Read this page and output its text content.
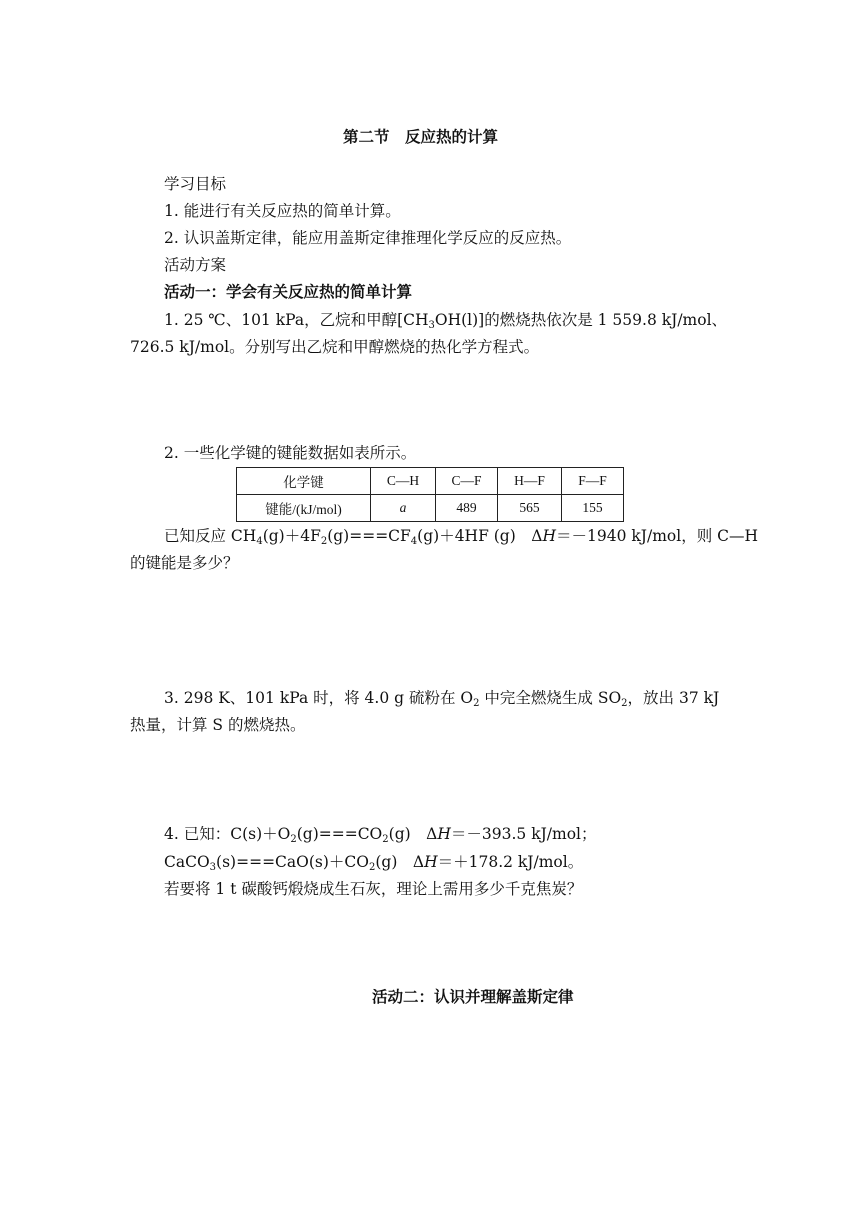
第二节　反应热的计算
学习目标
1. 能进行有关反应热的简单计算。
2. 认识盖斯定律，能应用盖斯定律推理化学反应的反应热。
活动方案
活动一：学会有关反应热的简单计算
1. 25 ℃、101 kPa，乙烷和甲醇$[CH_3OH(l)]$的燃烧热依次是 1 559.8 kJ/mol、
726.5 kJ/mol。分别写出乙烷和甲醇燃烧的热化学方程式。
2. 一些化学键的键能数据如表所示。
化学键	C—H	C—F	H—F	F—F
键能/(kJ/mol)	a	489	565	155
已知反应 $CH_4(g)+4F_2(g)===CF_4(g)+4HF$ (g)　ΔH＝－1940 kJ/mol，则 C—H
的键能是多少？
3. 298 K、101 kPa 时，将 4.0 g 硫粉在 $O_2$ 中完全燃烧生成 $SO_2$，放出 37 kJ
热量，计算 S 的燃烧热。
4. 已知：$C(s)+O_2(g)===CO_2(g)$　ΔH＝－393.5 kJ/mol；
$CaCO_3(s)===CaO(s)+CO_2(g)$　ΔH＝＋178.2 kJ/mol。
若要将 1 t 碳酸钙煅烧成生石灰，理论上需用多少千克焦炭？
活动二：认识并理解盖斯定律
